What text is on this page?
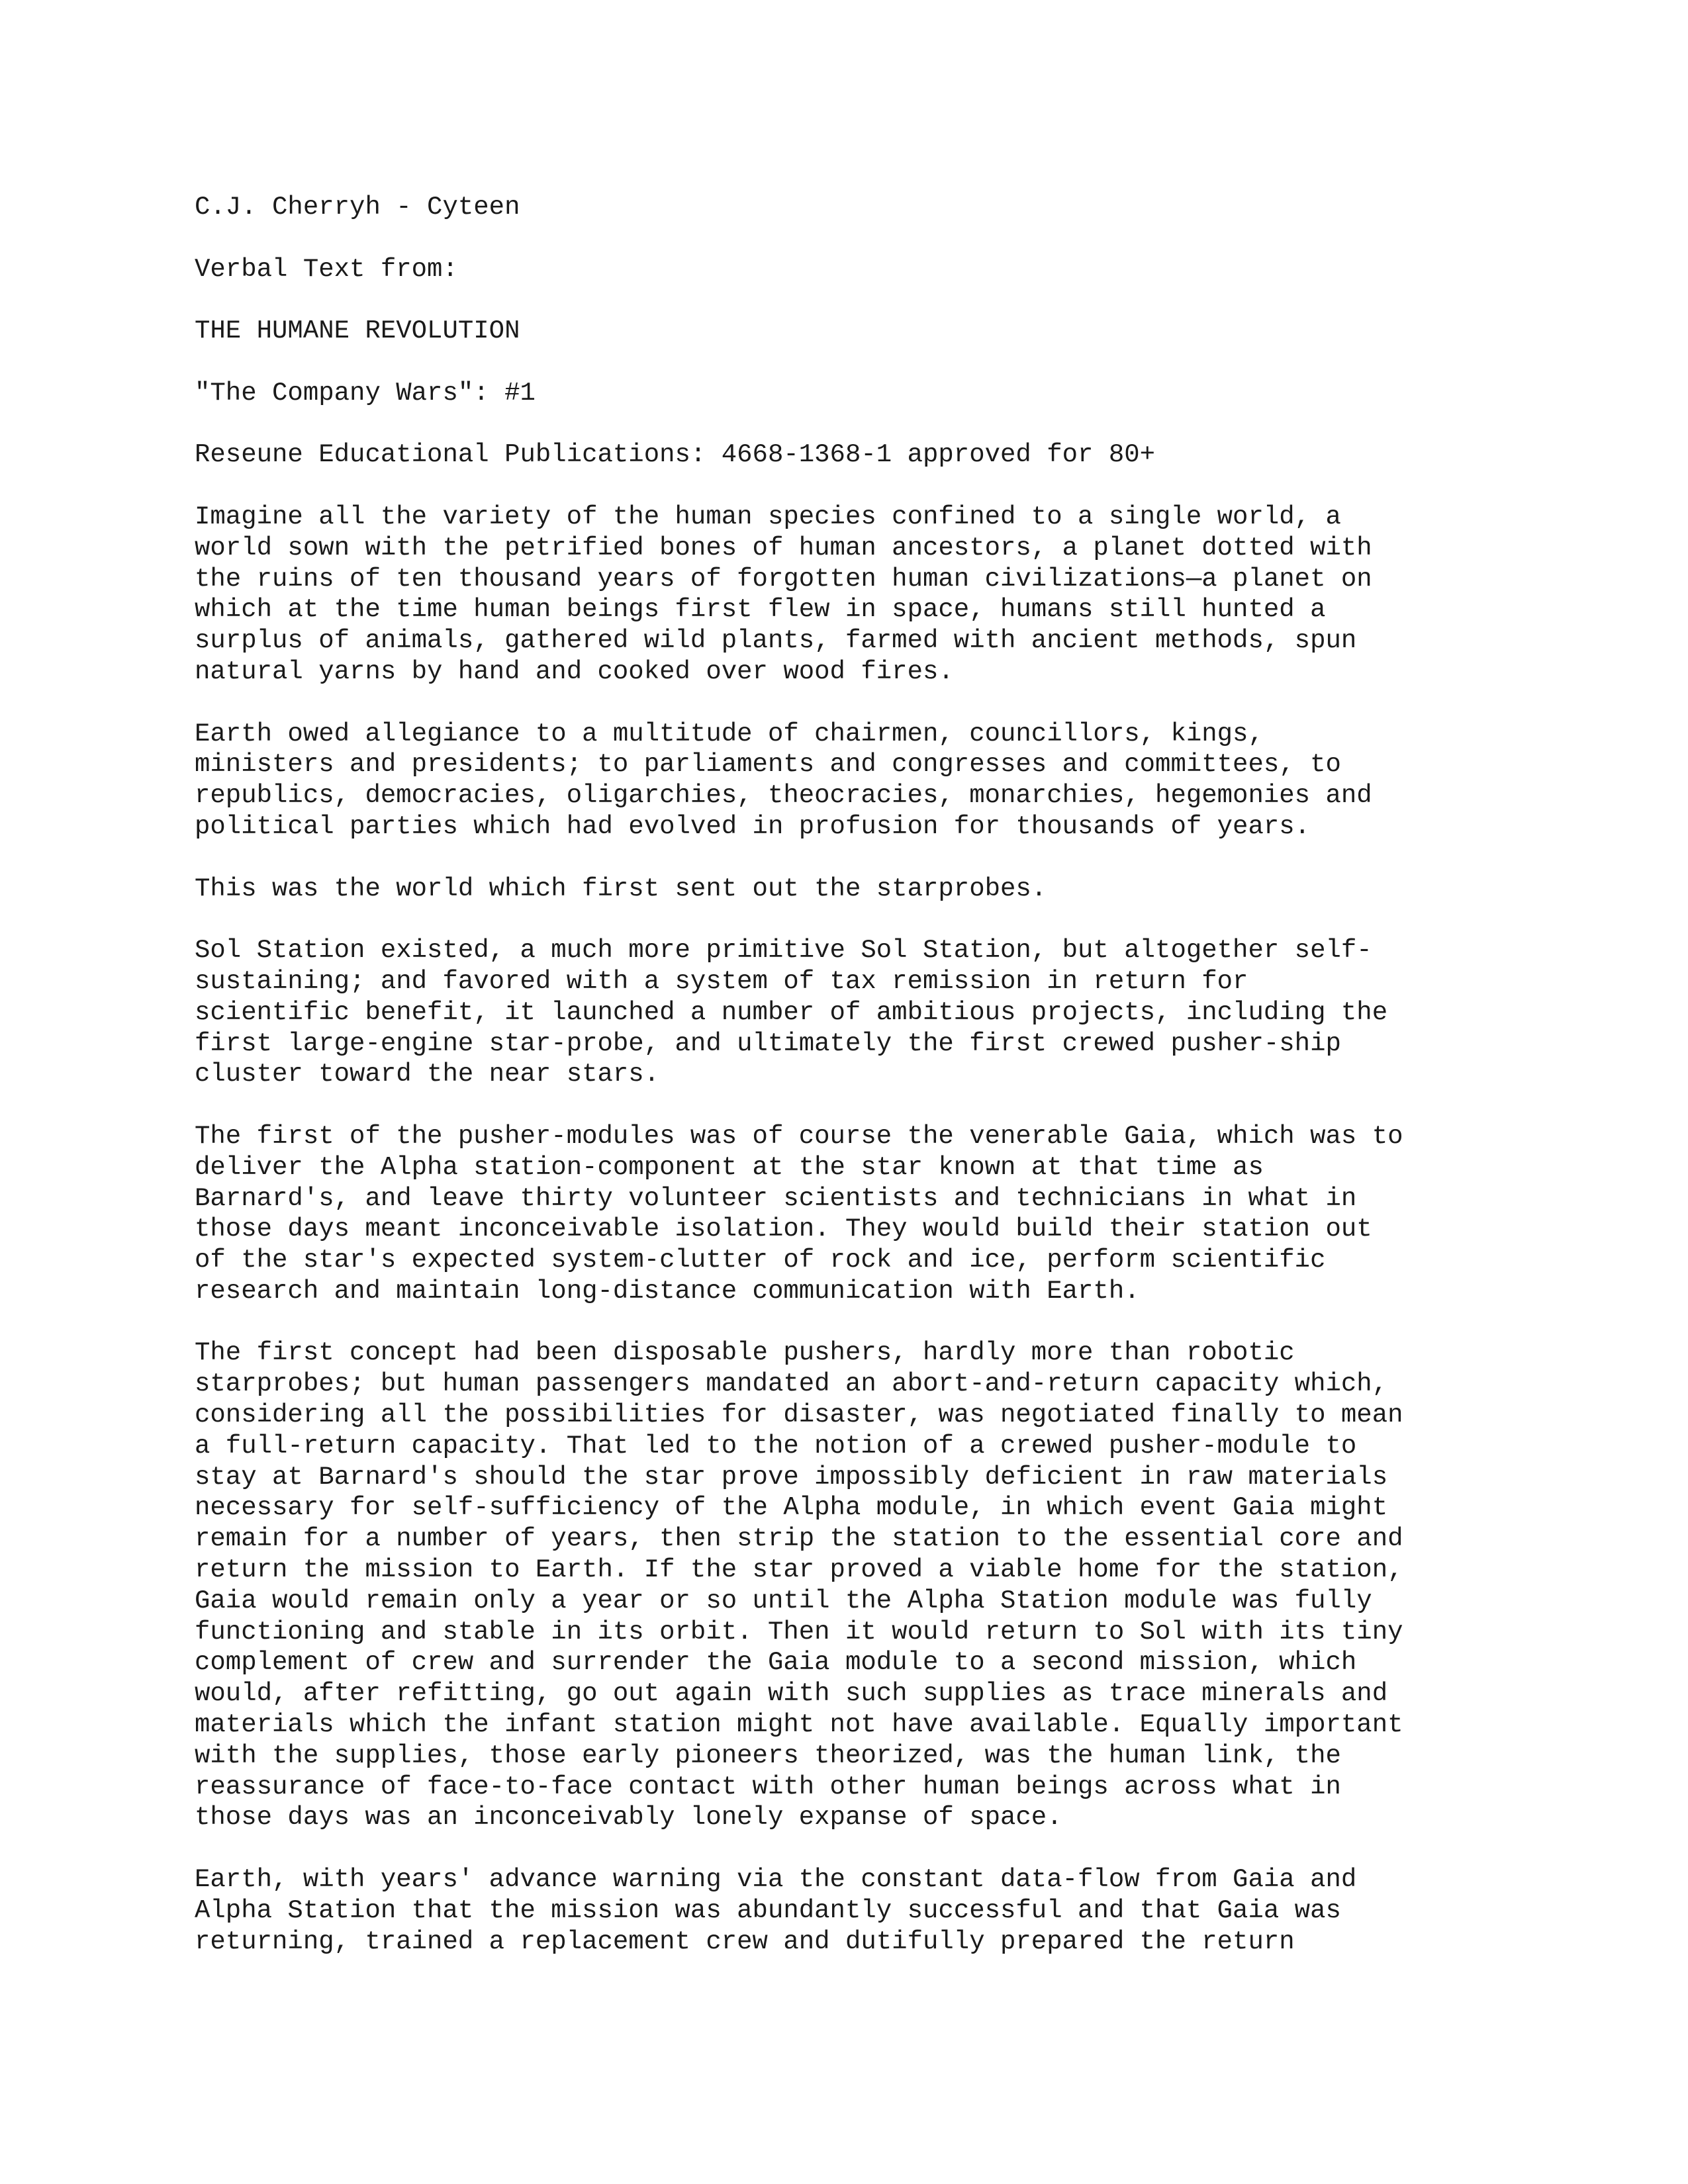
C.J. Cherryh - Cyteen
Verbal Text from:
THE HUMANE REVOLUTION
"The Company Wars": #1
Reseune Educational Publications: 4668-1368-1 approved for 80+
Imagine all the variety of the human species confined to a single world, a
world sown with the petrified bones of human ancestors, a planet dotted with
the ruins of ten thousand years of forgotten human civilizations—a planet on
which at the time human beings first flew in space, humans still hunted a
surplus of animals, gathered wild plants, farmed with ancient methods, spun
natural yarns by hand and cooked over wood fires.
Earth owed allegiance to a multitude of chairmen, councillors, kings,
ministers and presidents; to parliaments and congresses and committees, to
republics, democracies, oligarchies, theocracies, monarchies, hegemonies and
political parties which had evolved in profusion for thousands of years.
This was the world which first sent out the starprobes.
Sol Station existed, a much more primitive Sol Station, but altogether self-
sustaining; and favored with a system of tax remission in return for
scientific benefit, it launched a number of ambitious projects, including the
first large-engine star-probe, and ultimately the first crewed pusher-ship
cluster toward the near stars.
The first of the pusher-modules was of course the venerable Gaia, which was to
deliver the Alpha station-component at the star known at that time as
Barnard's, and leave thirty volunteer scientists and technicians in what in
those days meant inconceivable isolation. They would build their station out
of the star's expected system-clutter of rock and ice, perform scientific
research and maintain long-distance communication with Earth.
The first concept had been disposable pushers, hardly more than robotic
starprobes; but human passengers mandated an abort-and-return capacity which,
considering all the possibilities for disaster, was negotiated finally to mean
a full-return capacity. That led to the notion of a crewed pusher-module to
stay at Barnard's should the star prove impossibly deficient in raw materials
necessary for self-sufficiency of the Alpha module, in which event Gaia might
remain for a number of years, then strip the station to the essential core and
return the mission to Earth. If the star proved a viable home for the station,
Gaia would remain only a year or so until the Alpha Station module was fully
functioning and stable in its orbit. Then it would return to Sol with its tiny
complement of crew and surrender the Gaia module to a second mission, which
would, after refitting, go out again with such supplies as trace minerals and
materials which the infant station might not have available. Equally important
with the supplies, those early pioneers theorized, was the human link, the
reassurance of face-to-face contact with other human beings across what in
those days was an inconceivably lonely expanse of space.
Earth, with years' advance warning via the constant data-flow from Gaia and
Alpha Station that the mission was abundantly successful and that Gaia was
returning, trained a replacement crew and dutifully prepared the return
